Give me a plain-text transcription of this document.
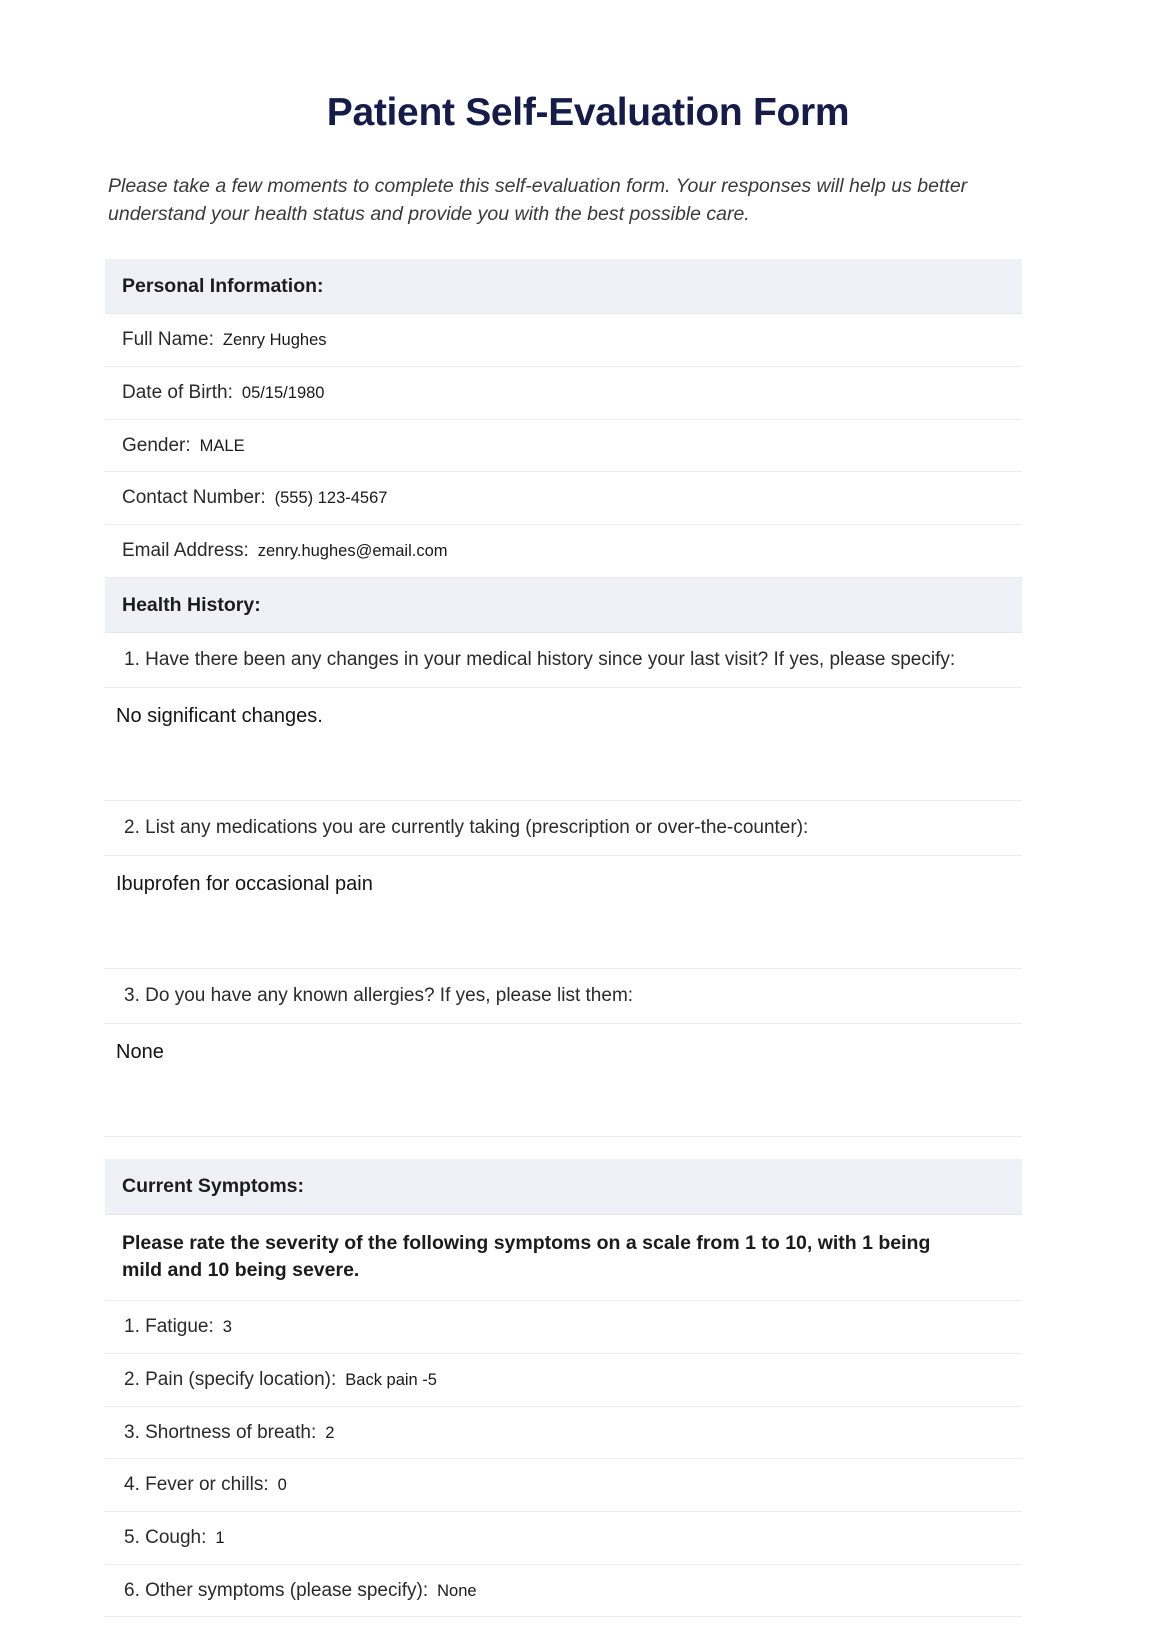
Patient Self-Evaluation Form

Please take a few moments to complete this self-evaluation form. Your responses will help us better understand your health status and provide you with the best possible care.

Personal Information:
Full Name: Zenry Hughes
Date of Birth: 05/15/1980
Gender: MALE
Contact Number: (555) 123-4567
Email Address: zenry.hughes@email.com
Health History:
1. Have there been any changes in your medical history since your last visit? If yes, please specify:
No significant changes.
2. List any medications you are currently taking (prescription or over-the-counter):
Ibuprofen for occasional pain
3. Do you have any known allergies? If yes, please list them:
None
Current Symptoms:
Please rate the severity of the following symptoms on a scale from 1 to 10, with 1 being mild and 10 being severe.
1. Fatigue: 3
2. Pain (specify location): Back pain -5
3. Shortness of breath: 2
4. Fever or chills: 0
5. Cough: 1
6. Other symptoms (please specify): None
